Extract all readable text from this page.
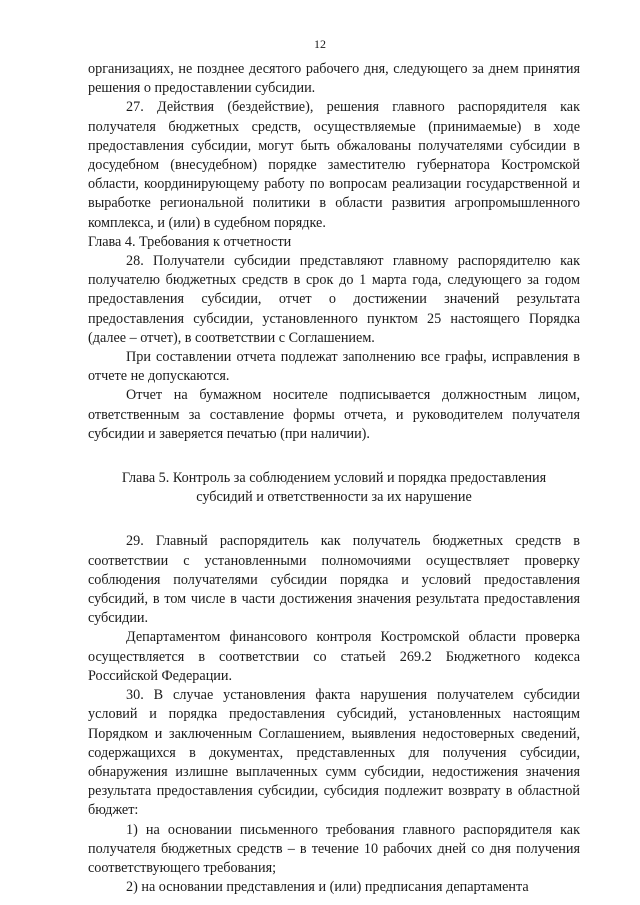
12

организациях, не позднее десятого рабочего дня, следующего за днем принятия решения о предоставлении субсидии.

27. Действия (бездействие), решения главного распорядителя как получателя бюджетных средств, осуществляемые (принимаемые) в ходе предоставления субсидии, могут быть обжалованы получателями субсидии в досудебном (внесудебном) порядке заместителю губернатора Костромской области, координирующему работу по вопросам реализации государственной и выработке региональной политики в области развития агропромышленного комплекса, и (или) в судебном порядке.

Глава 4. Требования к отчетности

28. Получатели субсидии представляют главному распорядителю как получателю бюджетных средств в срок до 1 марта года, следующего за годом предоставления субсидии, отчет о достижении значений результата предоставления субсидии, установленного пунктом 25 настоящего Порядка (далее – отчет), в соответствии с Соглашением.

При составлении отчета подлежат заполнению все графы, исправления в отчете не допускаются.

Отчет на бумажном носителе подписывается должностным лицом, ответственным за составление формы отчета, и руководителем получателя субсидии и заверяется печатью (при наличии).

Глава 5. Контроль за соблюдением условий и порядка предоставления
субсидий и ответственности за их нарушение

29. Главный распорядитель как получатель бюджетных средств в соответствии с установленными полномочиями осуществляет проверку соблюдения получателями субсидии порядка и условий предоставления субсидий, в том числе в части достижения значения результата предоставления субсидии.

Департаментом финансового контроля Костромской области проверка осуществляется в соответствии со статьей 269.2 Бюджетного кодекса Российской Федерации.

30. В случае установления факта нарушения получателем субсидии условий и порядка предоставления субсидий, установленных настоящим Порядком и заключенным Соглашением, выявления недостоверных сведений, содержащихся в документах, представленных для получения субсидии, обнаружения излишне выплаченных сумм субсидии, недостижения значения результата предоставления субсидии, субсидия подлежит возврату в областной бюджет:

1) на основании письменного требования главного распорядителя как получателя бюджетных средств – в течение 10 рабочих дней со дня получения соответствующего требования;

2) на основании представления и (или) предписания департамента
